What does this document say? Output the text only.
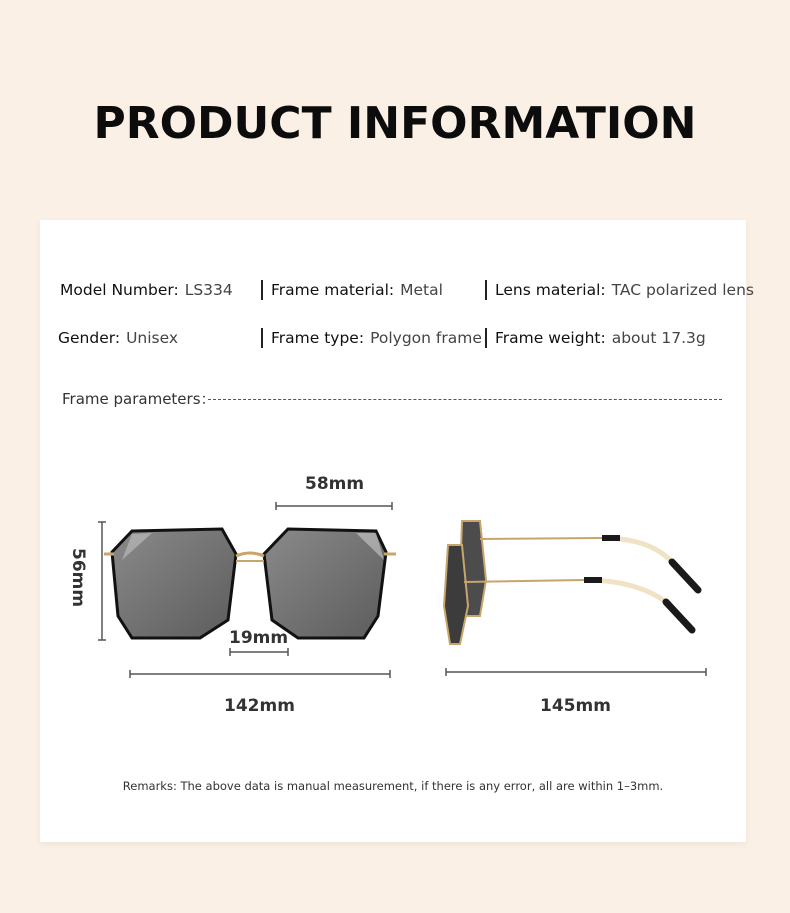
PRODUCT INFORMATION
Model Number: LS334 Frame material: Metal	Lens material: TAC polarized lens
Gender: Unisex	Frame type: Polygon frame Frame weight: about 17.3g
Frame parameters：
58mm
56mm
19mm
142mm	145mm
Remarks: The above data is manual measurement, if there is any error, all are within 1–3mm.
